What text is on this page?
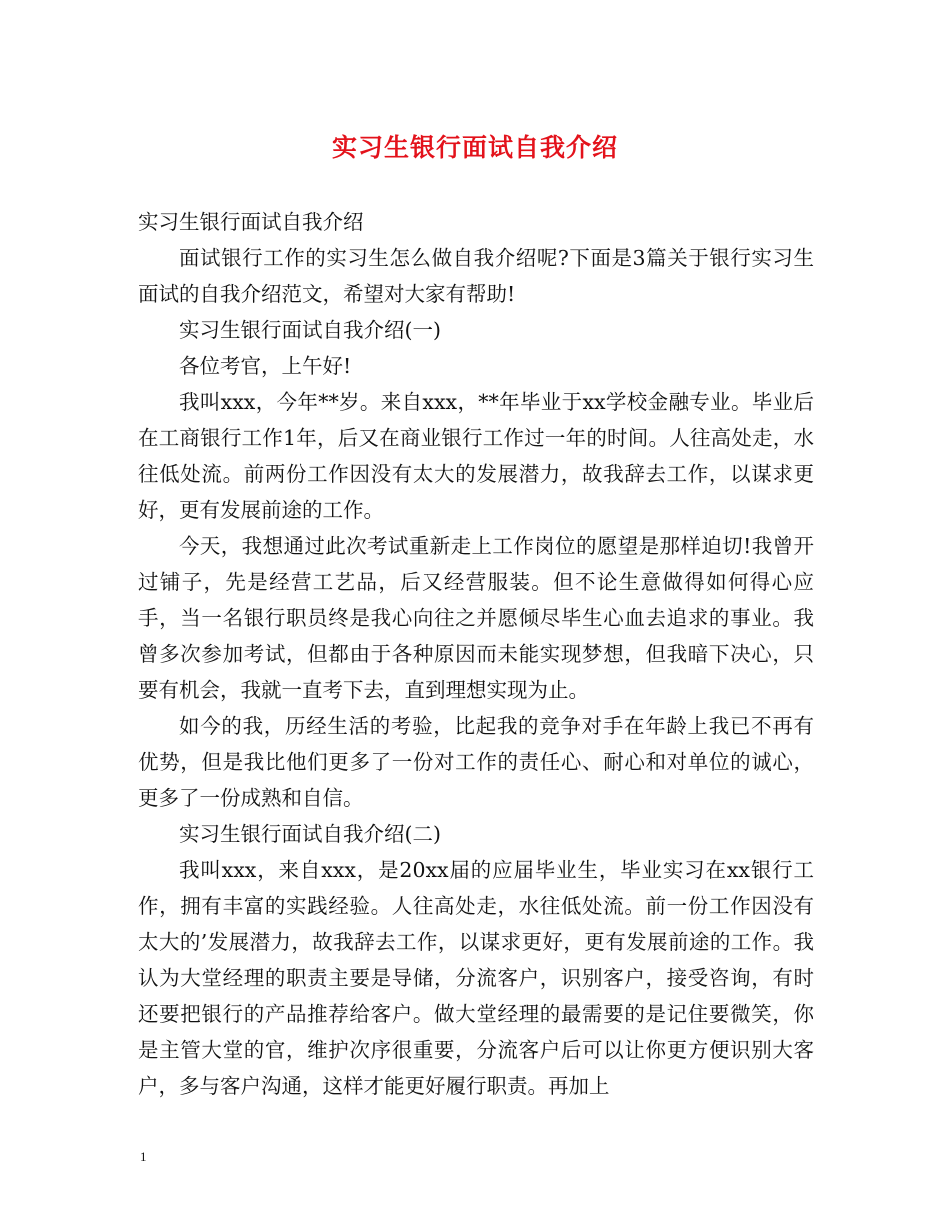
实习生银行面试自我介绍

实习生银行面试自我介绍

面试银行工作的实习生怎么做自我介绍呢?下面是3篇关于银行实习生面试的自我介绍范文，希望对大家有帮助!

实习生银行面试自我介绍(一)

各位考官，上午好!

我叫xxx，今年**岁。来自xxx，**年毕业于xx学校金融专业。毕业后在工商银行工作1年，后又在商业银行工作过一年的时间。人往高处走，水往低处流。前两份工作因没有太大的发展潜力，故我辞去工作，以谋求更好，更有发展前途的工作。

今天，我想通过此次考试重新走上工作岗位的愿望是那样迫切!我曾开过铺子，先是经营工艺品，后又经营服装。但不论生意做得如何得心应手，当一名银行职员终是我心向往之并愿倾尽毕生心血去追求的事业。我曾多次参加考试，但都由于各种原因而未能实现梦想，但我暗下决心，只要有机会，我就一直考下去，直到理想实现为止。

如今的我，历经生活的考验，比起我的竞争对手在年龄上我已不再有优势，但是我比他们更多了一份对工作的责任心、耐心和对单位的诚心，更多了一份成熟和自信。

实习生银行面试自我介绍(二)

我叫xxx，来自xxx，是20xx届的应届毕业生，毕业实习在xx银行工作，拥有丰富的实践经验。人往高处走，水往低处流。前一份工作因没有太大的’发展潜力，故我辞去工作，以谋求更好，更有发展前途的工作。我认为大堂经理的职责主要是导储，分流客户，识别客户，接受咨询，有时还要把银行的产品推荐给客户。做大堂经理的最需要的是记住要微笑，你是主管大堂的官，维护次序很重要，分流客户后可以让你更方便识别大客户，多与客户沟通，这样才能更好履行职责。再加上

1
